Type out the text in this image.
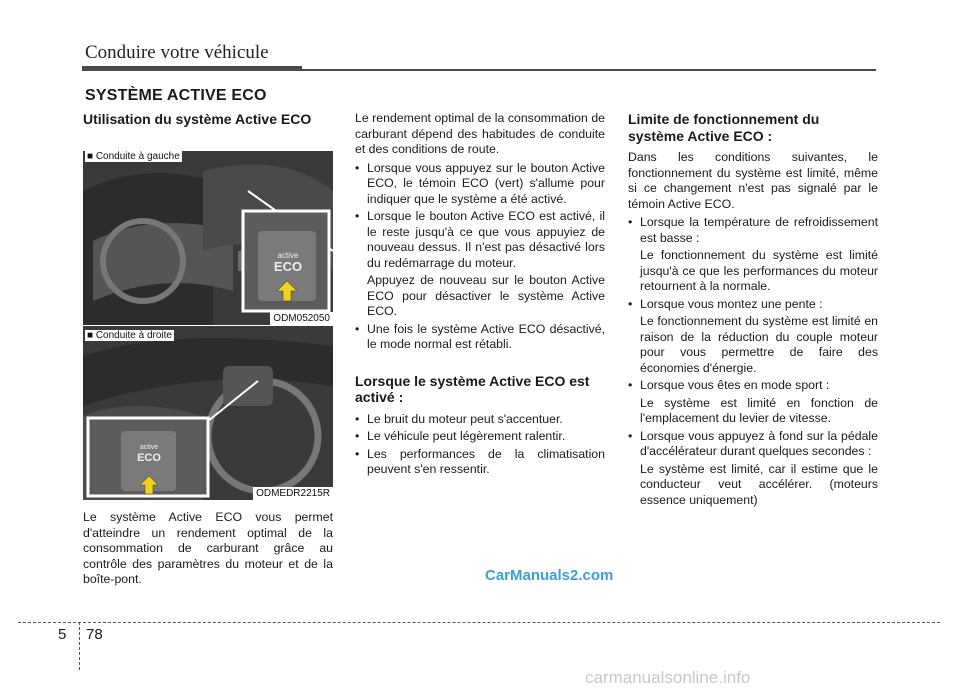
Conduire votre véhicule
SYSTÈME ACTIVE ECO
Utilisation du système Active ECO
active
ECO
■ Conduite à gauche
ODM052050
active
ECO
■ Conduite à droite
ODMEDR2215R
Le système Active ECO vous permet d'atteindre un rendement optimal de la consommation de carburant grâce au contrôle des paramètres du moteur et de la boîte-pont.
Le rendement optimal de la consommation de carburant dépend des habitudes de conduite et des conditions de route.
• Lorsque vous appuyez sur le bouton Active ECO, le témoin ECO (vert) s'allume pour indiquer que le système a été activé.
• Lorsque le bouton Active ECO est activé, il le reste jusqu'à ce que vous appuyiez de nouveau dessus. Il n'est pas désactivé lors du redémarrage du moteur.
Appuyez de nouveau sur le bouton Active ECO pour désactiver le système Active ECO.
• Une fois le système Active ECO désactivé, le mode normal est rétabli.
Lorsque le système Active ECO est activé :
• Le bruit du moteur peut s'accentuer.
• Le véhicule peut légèrement ralentir.
• Les performances de la climatisation peuvent s'en ressentir.
Limite de fonctionnement du système Active ECO :
Dans les conditions suivantes, le fonctionnement du système est limité, même si ce changement n'est pas signalé par le témoin Active ECO.
• Lorsque la température de refroidissement est basse :
Le fonctionnement du système est limité jusqu'à ce que les performances du moteur retournent à la normale.
• Lorsque vous montez une pente :
Le fonctionnement du système est limité en raison de la réduction du couple moteur pour vous permettre de faire des économies d'énergie.
• Lorsque vous êtes en mode sport :
Le système est limité en fonction de l'emplacement du levier de vitesse.
• Lorsque vous appuyez à fond sur la pédale d'accélérateur durant quelques secondes :
Le système est limité, car il estime que le conducteur veut accélérer. (moteurs essence uniquement)
CarManuals2.com
5 78
carmanualsonline.info
